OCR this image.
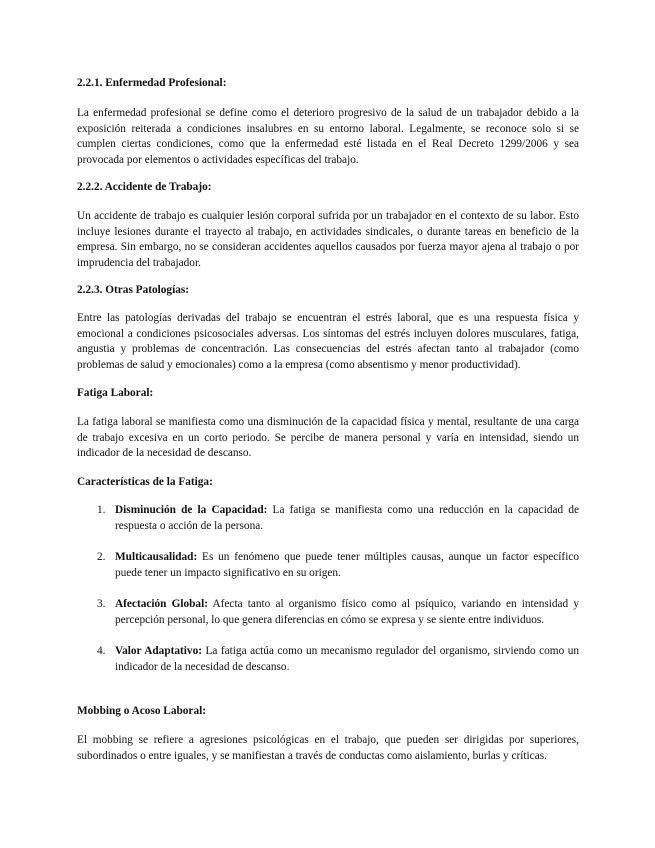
2.2.1. Enfermedad Profesional:

La enfermedad profesional se define como el deterioro progresivo de la salud de un trabajador debido a la exposición reiterada a condiciones insalubres en su entorno laboral. Legalmente, se reconoce solo si se cumplen ciertas condiciones, como que la enfermedad esté listada en el Real Decreto 1299/2006 y sea provocada por elementos o actividades específicas del trabajo.

2.2.2. Accidente de Trabajo:

Un accidente de trabajo es cualquier lesión corporal sufrida por un trabajador en el contexto de su labor. Esto incluye lesiones durante el trayecto al trabajo, en actividades sindicales, o durante tareas en beneficio de la empresa. Sin embargo, no se consideran accidentes aquellos causados por fuerza mayor ajena al trabajo o por imprudencia del trabajador.

2.2.3. Otras Patologías:

Entre las patologías derivadas del trabajo se encuentran el estrés laboral, que es una respuesta física y emocional a condiciones psicosociales adversas. Los síntomas del estrés incluyen dolores musculares, fatiga, angustia y problemas de concentración. Las consecuencias del estrés afectan tanto al trabajador (como problemas de salud y emocionales) como a la empresa (como absentismo y menor productividad).

Fatiga Laboral:

La fatiga laboral se manifiesta como una disminución de la capacidad física y mental, resultante de una carga de trabajo excesiva en un corto periodo. Se percibe de manera personal y varía en intensidad, siendo un indicador de la necesidad de descanso.

Características de la Fatiga:

1. Disminución de la Capacidad: La fatiga se manifiesta como una reducción en la capacidad de respuesta o acción de la persona.
2. Multicausalidad: Es un fenómeno que puede tener múltiples causas, aunque un factor específico puede tener un impacto significativo en su origen.
3. Afectación Global: Afecta tanto al organismo físico como al psíquico, variando en intensidad y percepción personal, lo que genera diferencias en cómo se expresa y se siente entre individuos.
4. Valor Adaptativo: La fatiga actúa como un mecanismo regulador del organismo, sirviendo como un indicador de la necesidad de descanso.

Mobbing o Acoso Laboral:

El mobbing se refiere a agresiones psicológicas en el trabajo, que pueden ser dirigidas por superiores, subordinados o entre iguales, y se manifiestan a través de conductas como aislamiento, burlas y críticas.
